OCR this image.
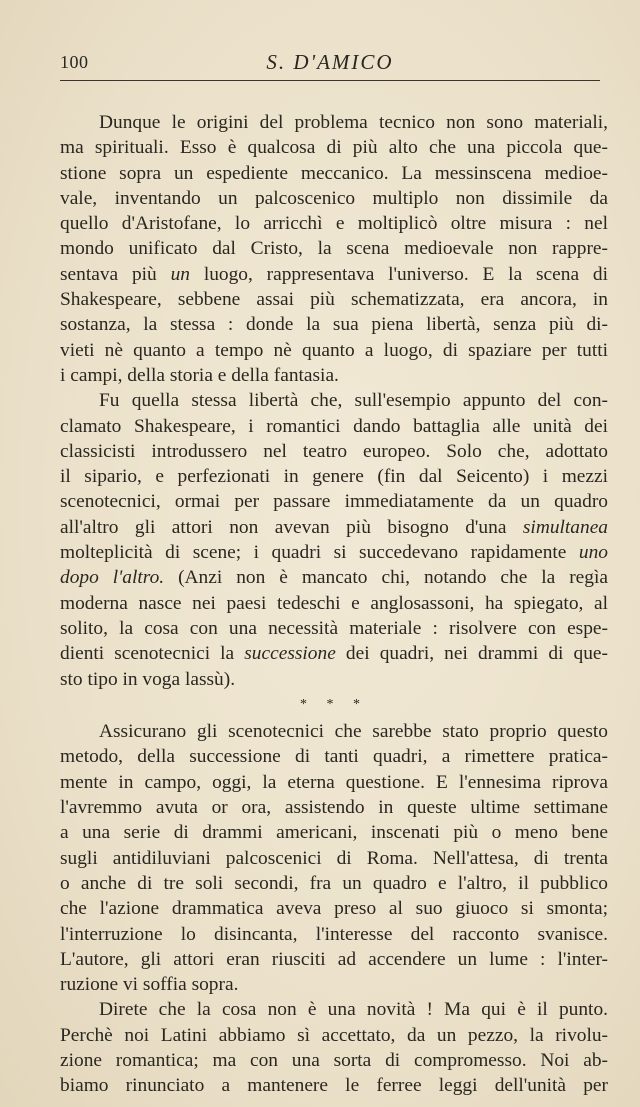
100	S. D'AMICO
Dunque le origini del problema tecnico non sono materiali,
ma spirituali. Esso è qualcosa di più alto che una piccola que-
stione sopra un espediente meccanico. La messinscena medioe-
vale, inventando un palcoscenico multiplo non dissimile da
quello d'Aristofane, lo arricchì e moltiplicò oltre misura : nel
mondo unificato dal Cristo, la scena medioevale non rappre-
sentava più un luogo, rappresentava l'universo. E la scena di
Shakespeare, sebbene assai più schematizzata, era ancora, in
sostanza, la stessa : donde la sua piena libertà, senza più di-
vieti nè quanto a tempo nè quanto a luogo, di spaziare per tutti
i campi, della storia e della fantasia.
Fu quella stessa libertà che, sull'esempio appunto del con-
clamato Shakespeare, i romantici dando battaglia alle unità dei
classicisti introdussero nel teatro europeo. Solo che, adottato
il sipario, e perfezionati in genere (fin dal Seicento) i mezzi
scenotecnici, ormai per passare immediatamente da un quadro
all'altro gli attori non avevan più bisogno d'una simultanea
molteplicità di scene; i quadri si succedevano rapidamente uno
dopo l'altro. (Anzi non è mancato chi, notando che la regìa
moderna nasce nei paesi tedeschi e anglosassoni, ha spiegato, al
solito, la cosa con una necessità materiale : risolvere con espe-
dienti scenotecnici la successione dei quadri, nei drammi di que-
sto tipo in voga lassù).
* * *
Assicurano gli scenotecnici che sarebbe stato proprio questo
metodo, della successione di tanti quadri, a rimettere pratica-
mente in campo, oggi, la eterna questione. E l'ennesima riprova
l'avremmo avuta or ora, assistendo in queste ultime settimane
a una serie di drammi americani, inscenati più o meno bene
sugli antidiluviani palcoscenici di Roma. Nell'attesa, di trenta
o anche di tre soli secondi, fra un quadro e l'altro, il pubblico
che l'azione drammatica aveva preso al suo giuoco si smonta;
l'interruzione lo disincanta, l'interesse del racconto svanisce.
L'autore, gli attori eran riusciti ad accendere un lume : l'inter-
ruzione vi soffia sopra.
Direte che la cosa non è una novità ! Ma qui è il punto.
Perchè noi Latini abbiamo sì accettato, da un pezzo, la rivolu-
zione romantica; ma con una sorta di compromesso. Noi ab-
biamo rinunciato a mantenere le ferree leggi dell'unità per
